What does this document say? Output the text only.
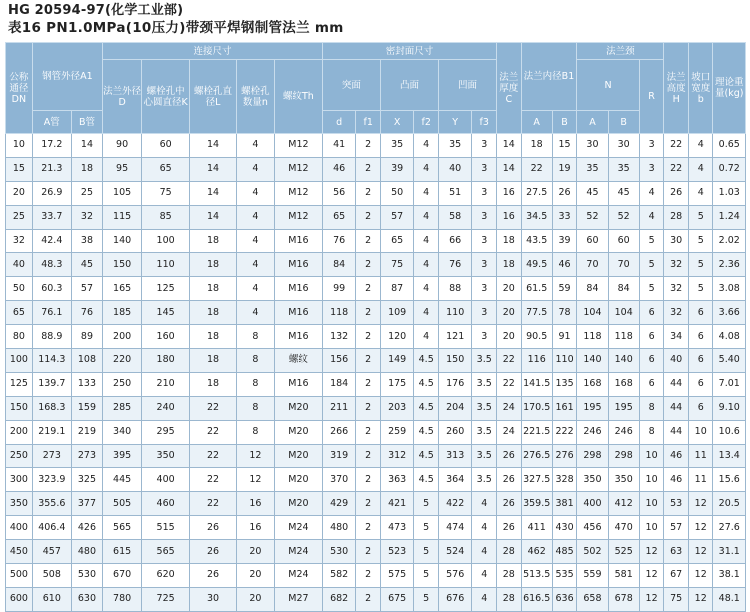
HG 20594-97(化学工业部)
表16 PN1.0MPa(10压力)带颈平焊钢制管法兰 mm
公称通径DN	钢管外径A1		连接尺寸					密封面尺寸						法兰厚度C	法兰内径B1		法兰颈			法兰高度H	坡口宽度b	理论重量(kg)
			法兰外径D	螺栓孔中心圆直径K	螺栓孔直径L	螺栓孔数量n	螺纹Th	突面		凸面		凹面					N		R			
	A管	B管						d	f1	X	f2	Y	f3		A	B	A	B				
10	17.2	14	90	60	14	4	M12	41	2	35	4	35	3	14	18	15	30	30	3	22	4	0.65
15	21.3	18	95	65	14	4	M12	46	2	39	4	40	3	14	22	19	35	35	3	22	4	0.72
20	26.9	25	105	75	14	4	M12	56	2	50	4	51	3	16	27.5	26	45	45	4	26	4	1.03
25	33.7	32	115	85	14	4	M12	65	2	57	4	58	3	16	34.5	33	52	52	4	28	5	1.24
32	42.4	38	140	100	18	4	M16	76	2	65	4	66	3	18	43.5	39	60	60	5	30	5	2.02
40	48.3	45	150	110	18	4	M16	84	2	75	4	76	3	18	49.5	46	70	70	5	32	5	2.36
50	60.3	57	165	125	18	4	M16	99	2	87	4	88	3	20	61.5	59	84	84	5	32	5	3.08
65	76.1	76	185	145	18	4	M16	118	2	109	4	110	3	20	77.5	78	104	104	6	32	6	3.66
80	88.9	89	200	160	18	8	M16	132	2	120	4	121	3	20	90.5	91	118	118	6	34	6	4.08
100	114.3	108	220	180	18	8	螺纹	156	2	149	4.5	150	3.5	22	116	110	140	140	6	40	6	5.40
125	139.7	133	250	210	18	8	M16	184	2	175	4.5	176	3.5	22	141.5	135	168	168	6	44	6	7.01
150	168.3	159	285	240	22	8	M20	211	2	203	4.5	204	3.5	24	170.5	161	195	195	8	44	6	9.10
200	219.1	219	340	295	22	8	M20	266	2	259	4.5	260	3.5	24	221.5	222	246	246	8	44	10	10.6
250	273	273	395	350	22	12	M20	319	2	312	4.5	313	3.5	26	276.5	276	298	298	10	46	11	13.4
300	323.9	325	445	400	22	12	M20	370	2	363	4.5	364	3.5	26	327.5	328	350	350	10	46	11	15.6
350	355.6	377	505	460	22	16	M20	429	2	421	5	422	4	26	359.5	381	400	412	10	53	12	20.5
400	406.4	426	565	515	26	16	M24	480	2	473	5	474	4	26	411	430	456	470	10	57	12	27.6
450	457	480	615	565	26	20	M24	530	2	523	5	524	4	28	462	485	502	525	12	63	12	31.1
500	508	530	670	620	26	20	M24	582	2	575	5	576	4	28	513.5	535	559	581	12	67	12	38.1
600	610	630	780	725	30	20	M27	682	2	675	5	676	4	28	616.5	636	658	678	12	75	12	48.1
